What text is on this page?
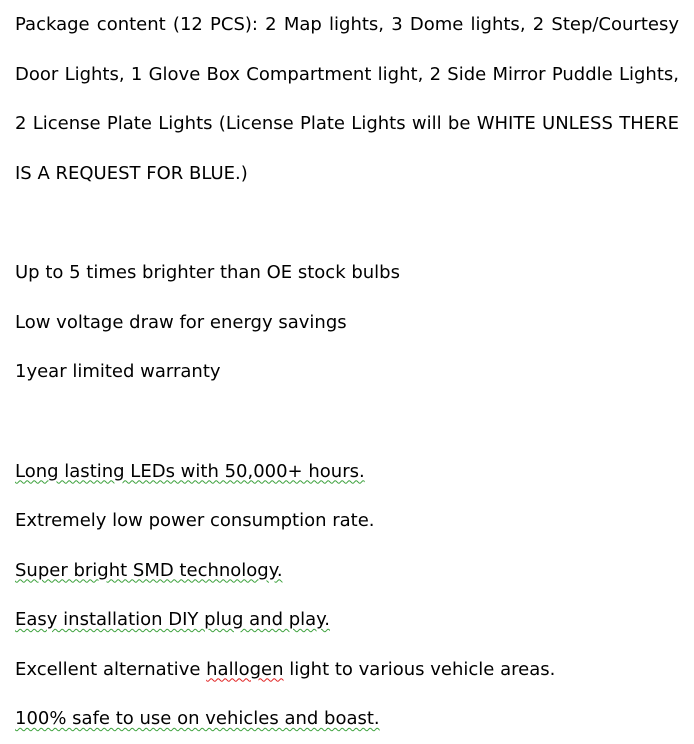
Package content (12 PCS): 2 Map lights, 3 Dome lights, 2 Step/Courtesy Door Lights, 1 Glove Box Compartment light, 2 Side Mirror Puddle Lights, 2 License Plate Lights (License Plate Lights will be WHITE UNLESS THERE IS A REQUEST FOR BLUE.)

Up to 5 times brighter than OE stock bulbs

Low voltage draw for energy savings

1year limited warranty

Long lasting LEDs with 50,000+ hours.

Extremely low power consumption rate.

Super bright SMD technology.

Easy installation DIY plug and play.

Excellent alternative hallogen light to various vehicle areas.

100% safe to use on vehicles and boast.
